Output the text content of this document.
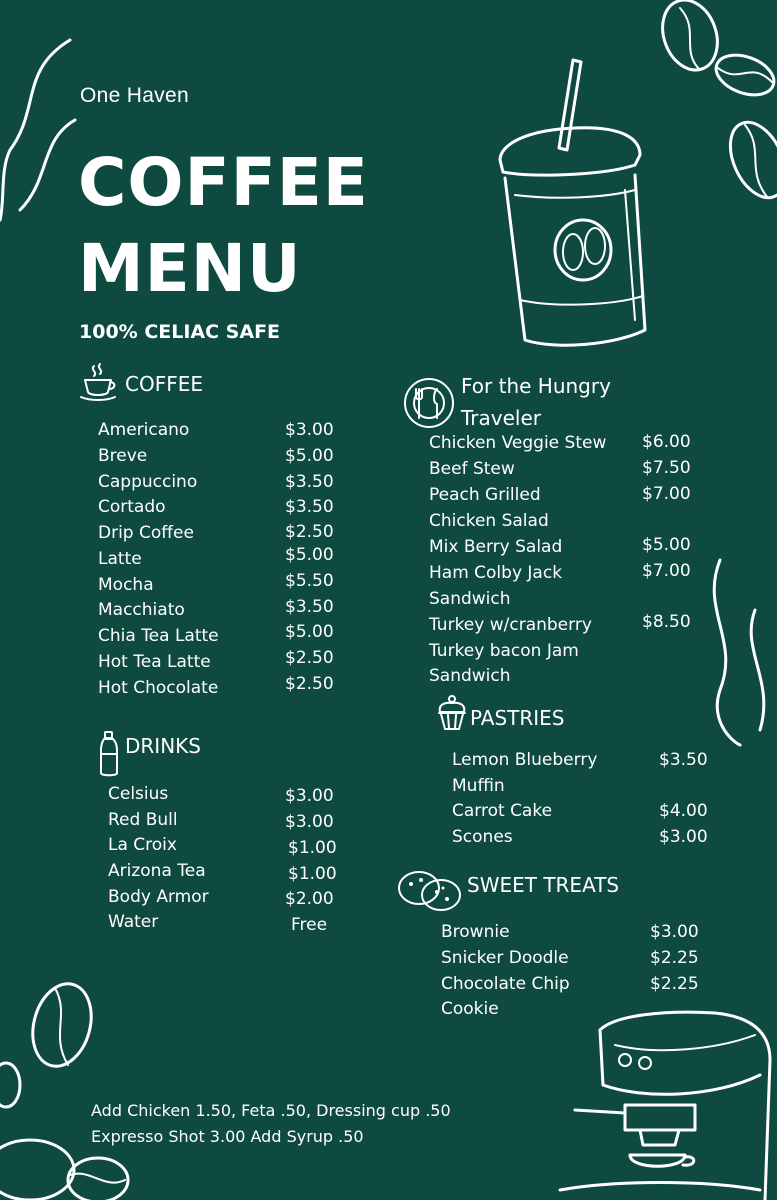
One Haven
COFFEE
MENU
100% CELIAC SAFE
COFFEE
Americano	$3.00
Breve	$5.00
Cappuccino	$3.50
Cortado	$3.50
Drip Coffee	$2.50
Latte	$5.00
Mocha	$5.50
Macchiato	$3.50
Chia Tea Latte	$5.00
Hot Tea Latte	$2.50
Hot Chocolate	$2.50
DRINKS
Celsius	$3.00
Red Bull	$3.00
La Croix	$1.00
Arizona Tea	$1.00
Body Armor	$2.00
Water	Free
For the Hungry
Traveler
Chicken Veggie Stew $6.00
Beef Stew	$7.50
Peach Grilled	$7.00
Chicken Salad
Mix Berry Salad	$5.00
Ham Colby Jack	$7.00
Sandwich
Turkey w/cranberry	$8.50
Turkey bacon Jam
Sandwich
PASTRIES
Lemon Blueberry	$3.50
Muffin
Carrot Cake	$4.00
Scones	$3.00
SWEET TREATS
Brownie	$3.00
Snicker Doodle	$2.25
Chocolate Chip	$2.25
Cookie
Add Chicken 1.50, Feta .50, Dressing cup .50
Expresso Shot 3.00 Add Syrup .50
